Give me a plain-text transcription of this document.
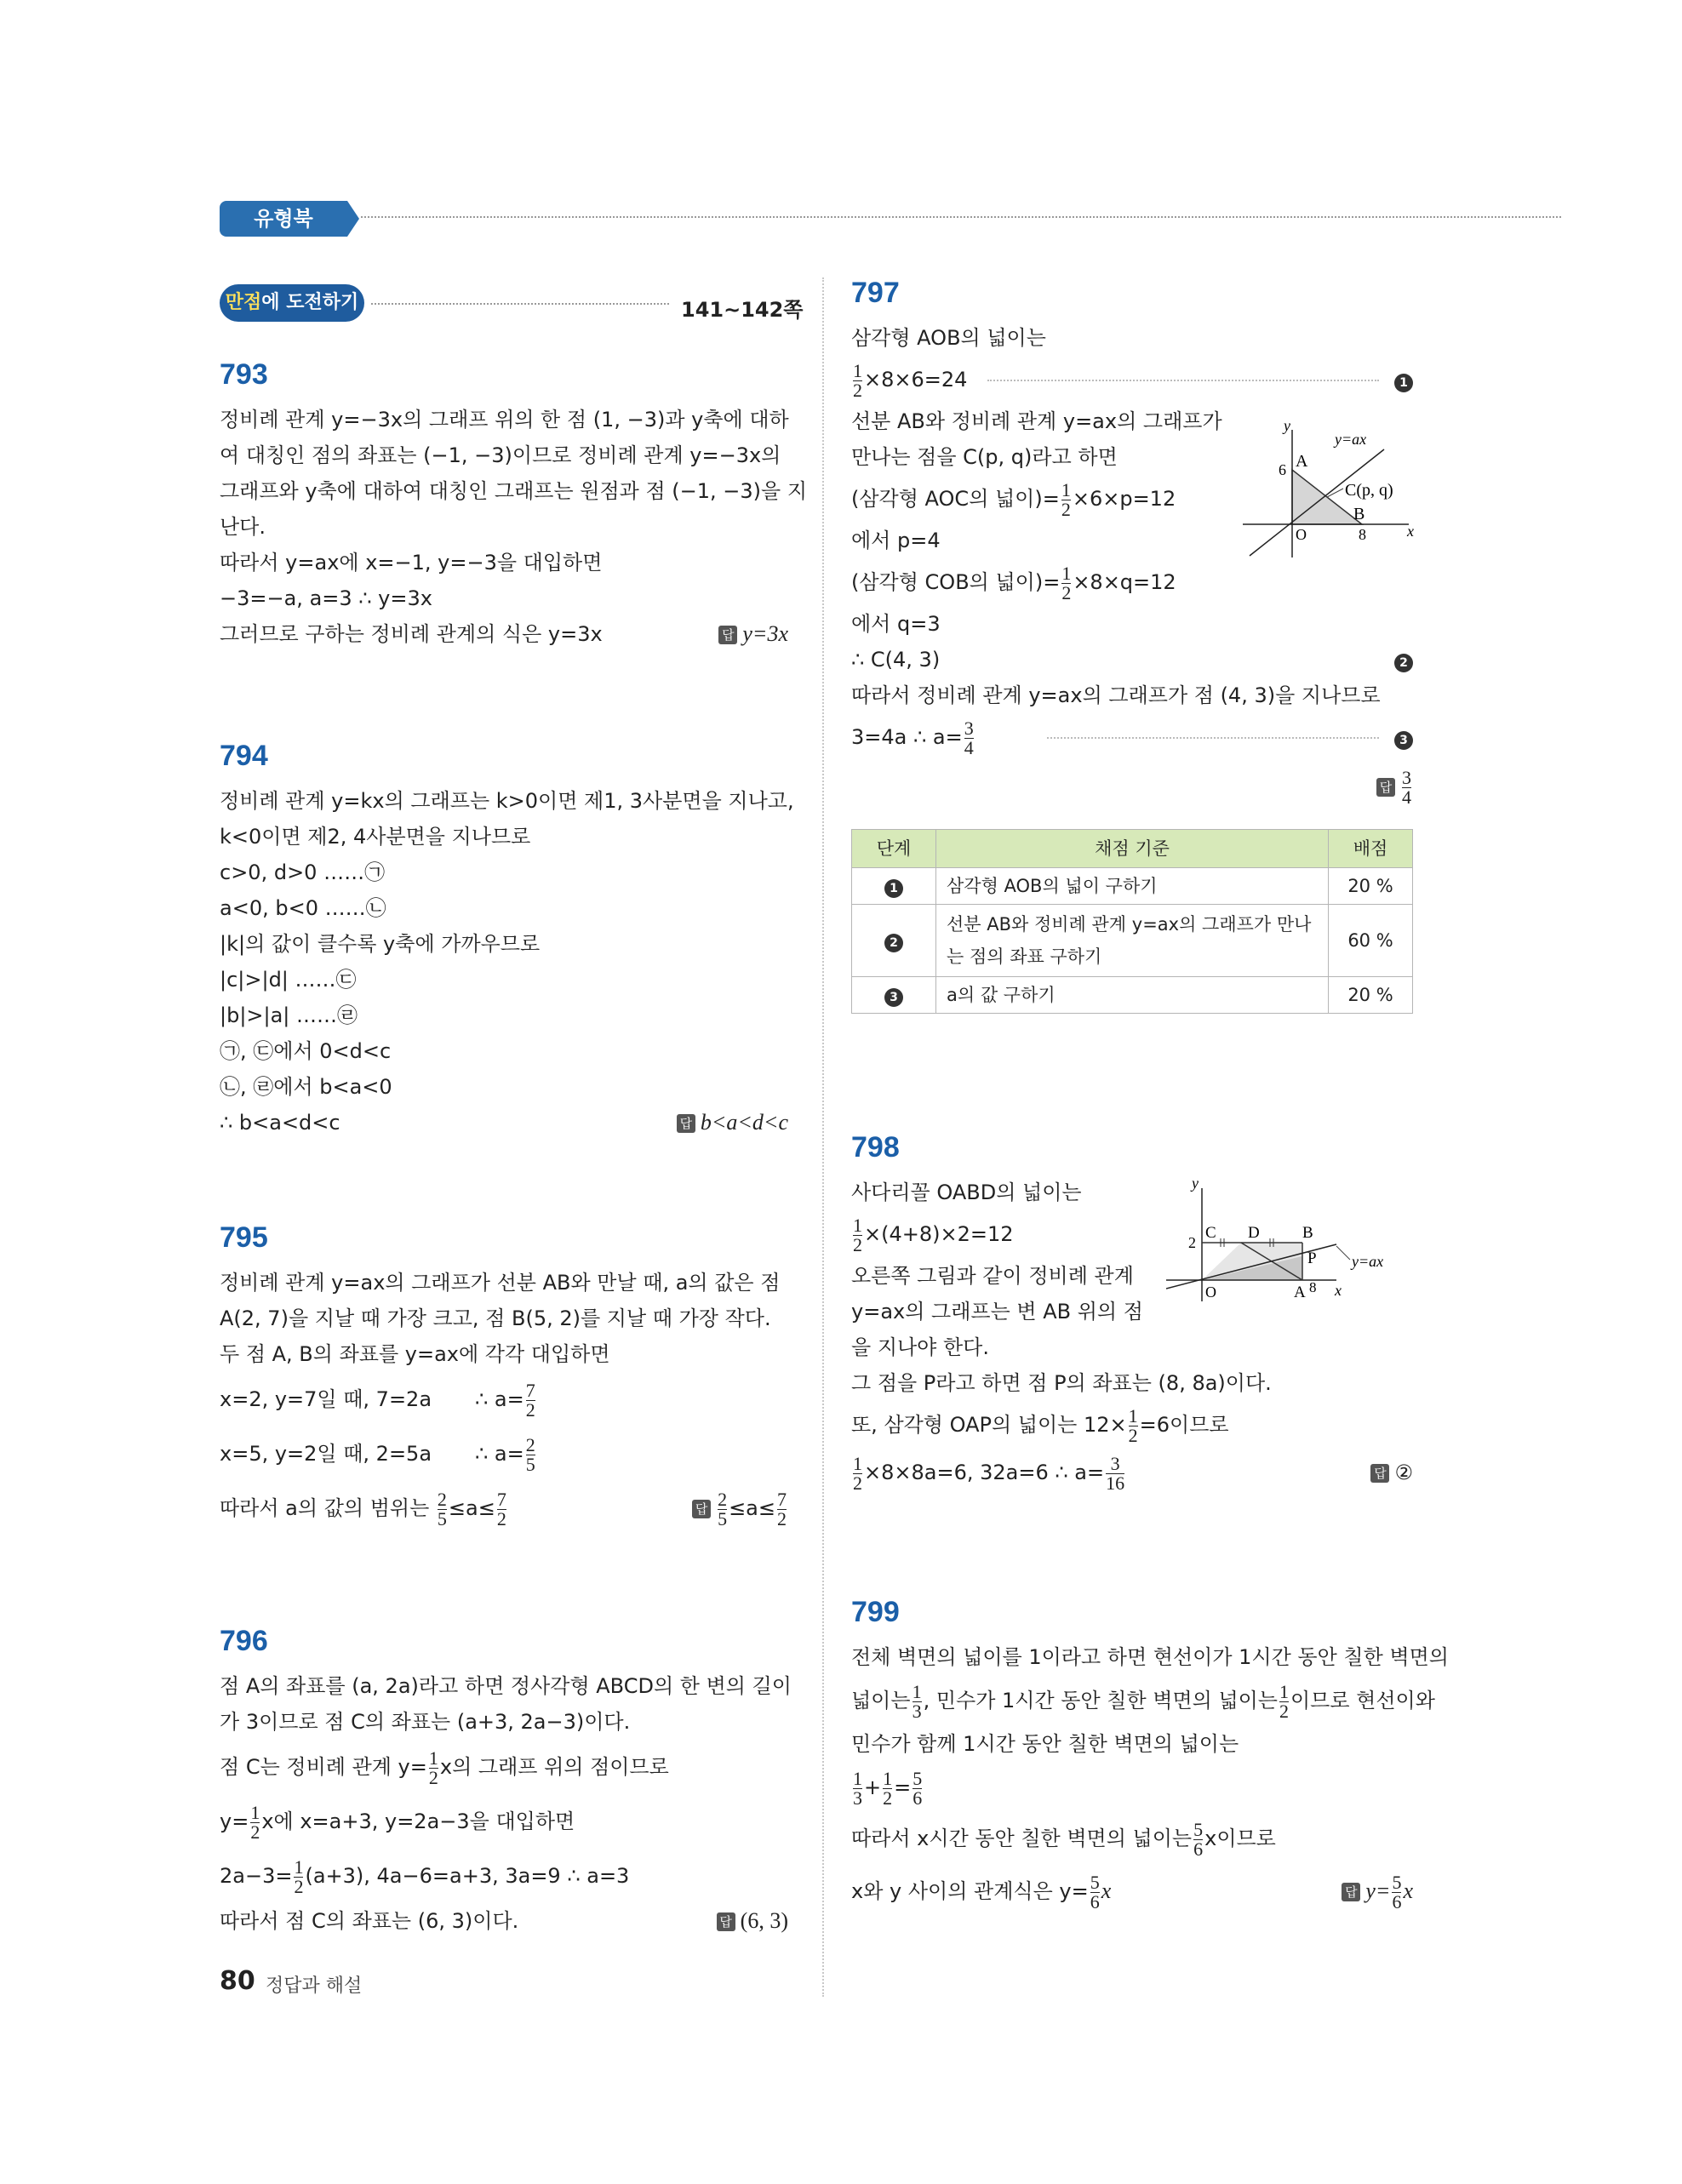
유형북
만점에 도전하기	141~142쪽
793
정비례 관계 y=−3x의 그래프 위의 한 점 (1, −3)과 y축에 대하
여 대칭인 점의 좌표는 (−1, −3)이므로 정비례 관계 y=−3x의
그래프와 y축에 대하여 대칭인 그래프는 원점과 점 (−1, −3)을 지
난다.
따라서 y=ax에 x=−1, y=−3을 대입하면
−3=−a, a=3 ∴ y=3x
그러므로 구하는 정비례 관계의 식은 y=3x	답 y=3x
794
정비례 관계 y=kx의 그래프는 k>0이면 제1, 3사분면을 지나고,
k<0이면 제2, 4사분면을 지나므로
c>0, d>0 ……㉠
a<0, b<0 ……㉡
|k|의 값이 클수록 y축에 가까우므로
|c|>|d| ……㉢
|b|>|a| ……㉣
㉠, ㉢에서 0<d<c
㉡, ㉣에서 b<a<0
∴ b<a<d<c	답 b<a<d<c
795
정비례 관계 y=ax의 그래프가 선분 AB와 만날 때, a의 값은 점
A(2, 7)을 지날 때 가장 크고, 점 B(5, 2)를 지날 때 가장 작다.
두 점 A, B의 좌표를 y=ax에 각각 대입하면
x=2, y=7일 때, 7=2a ∴ $a= \frac{7}{2}$
x=5, y=2일 때, 2=5a ∴ $a= \frac{2}{5}$
따라서 a의 값의 범위는 $\frac{2}{5} \le a\le \frac{7}{2}$	답 $\frac{2}{5} \le a\le \frac{7}{2}$
796
점 A의 좌표를 (a, 2a)라고 하면 정사각형 ABCD의 한 변의 길이
가 3이므로 점 C의 좌표는 (a+3, 2a−3)이다.
점 C는 정비례 관계 $y= \frac{1}{2}$ x의 그래프 위의 점이므로
$y= \frac{1}{2}$ x에 x=a+3, y=2a−3을 대입하면
$2a-3= \frac{1}{2} (a+3)$, 4a−6=a+3, 3a=9 ∴ a=3
따라서 점 C의 좌표는 (6, 3)이다.	답 (6, 3)
80 정답과 해설
797
삼각형 AOB의 넓이는
$\frac{1}{2} \times 8\times 6=24$	1
선분 AB와 정비례 관계 y=ax의 그래프가
만나는 점을 C(p, q)라고 하면
(삼각형 AOC의 넓이)= $\frac{1}{2} \times 6\times p=12$
에서 p=4
(삼각형 COB의 넓이)= $\frac{1}{2} \times 8\times q=12$
에서 q=3
∴ C(4, 3)	2
따라서 정비례 관계 y=ax의 그래프가 점 (4, 3)을 지나므로
3=4a ∴ $a= \frac{3}{4}$	3
답 $\frac{3}{4}$
단계	채점 기준	배점
1	삼각형 AOB의 넓이 구하기	20 %
2	선분 AB와 정비례 관계 y=ax의 그래프가 만나
는 점의 좌표 구하기	60 %
3	a의 값 구하기	20 %
y
x
O
6 A
B
8
C(p, q)
y=ax
798
사다리꼴 OABD의 넓이는
$\frac{1}{2} \times(4+8)\times 2=12$
오른쪽 그림과 같이 정비례 관계
y=ax의 그래프는 변 AB 위의 점
을 지나야 한다.
그 점을 P라고 하면 점 P의 좌표는 (8, 8a)이다.
또, 삼각형 OAP의 넓이는 $12\times \frac{1}{2} =6$이므로
$\frac{1}{2} \times 8\times 8a=6$, 32a=6 ∴ $a= \frac{3}{16}$	답 ②
y
x
O
2
C D	B
P
A 8
y=ax
799
전체 벽면의 넓이를 1이라고 하면 현선이가 1시간 동안 칠한 벽면의
넓이는 $\frac{1}{3}$ , 민수가 1시간 동안 칠한 벽면의 넓이는 $\frac{1}{2}$ 이므로 현선이와
민수가 함께 1시간 동안 칠한 벽면의 넓이는
$\frac{1}{3} + \frac{1}{2} = \frac{5}{6}$
따라서 x시간 동안 칠한 벽면의 넓이는 $\frac{5}{6}$ x이므로
x와 y 사이의 관계식은 $y= \frac{5}{6}$ x	답 $y= \frac{5}{6}$ x
